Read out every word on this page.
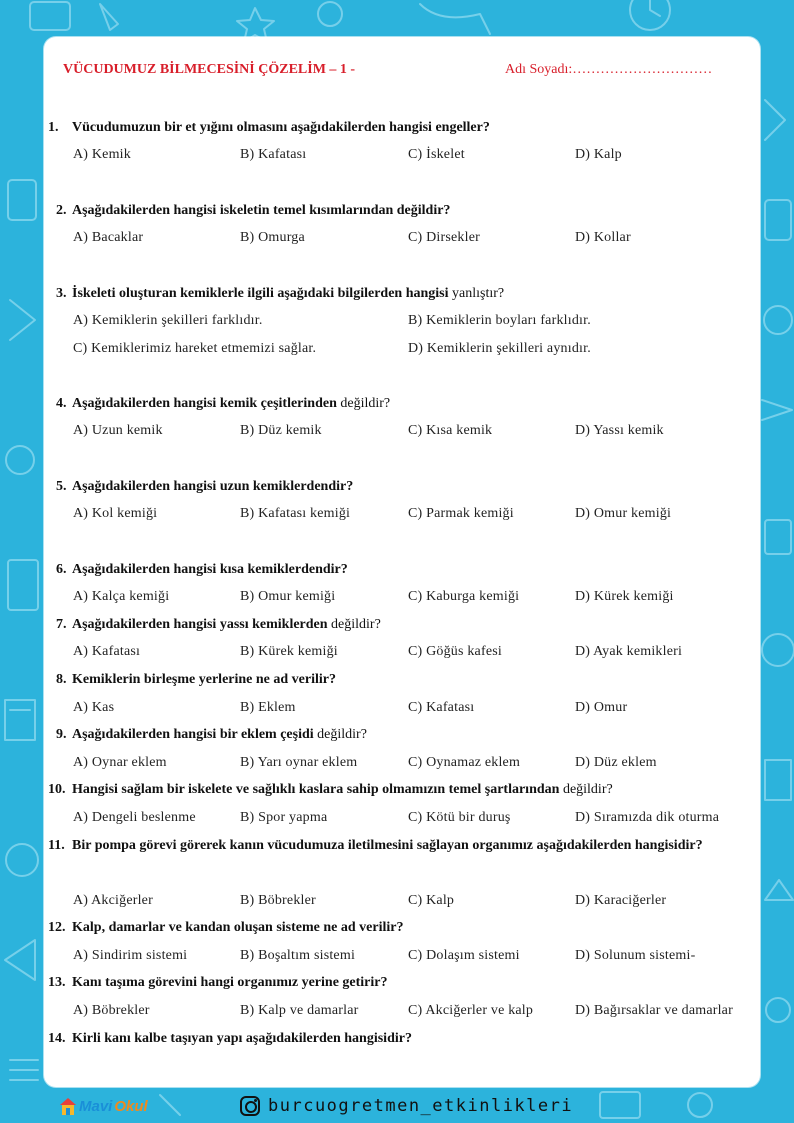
VÜCUDUMUZ BİLMECESİNİ ÇÖZELİM – 1 -	Adı Soyadı:…………………………
1. Vücudumuzun bir et yığını olmasını aşağıdakilerden hangisi engeller?
A) Kemik	B) Kafatası	C) İskelet	D) Kalp
2. Aşağıdakilerden hangisi iskeletin temel kısımlarından değildir?
A) Bacaklar	B) Omurga	C) Dirsekler	D) Kollar
3. İskeleti oluşturan kemiklerle ilgili aşağıdaki bilgilerden hangisi yanlıştır?
A) Kemiklerin şekilleri farklıdır.	B) Kemiklerin boyları farklıdır.
C) Kemiklerimiz hareket etmemizi sağlar.	D) Kemiklerin şekilleri aynıdır.
4. Aşağıdakilerden hangisi kemik çeşitlerinden değildir?
A) Uzun kemik	B) Düz kemik	C) Kısa kemik	D) Yassı kemik
5. Aşağıdakilerden hangisi uzun kemiklerdendir?
A) Kol kemiği	B) Kafatası kemiği	C) Parmak kemiği	D) Omur kemiği
6. Aşağıdakilerden hangisi kısa kemiklerdendir?
A) Kalça kemiği	B) Omur kemiği	C) Kaburga kemiği	D) Kürek kemiği
7. Aşağıdakilerden hangisi yassı kemiklerden değildir?
A) Kafatası	B) Kürek kemiği	C) Göğüs kafesi	D) Ayak kemikleri
8. Kemiklerin birleşme yerlerine ne ad verilir?
A) Kas	B) Eklem	C) Kafatası	D) Omur
9. Aşağıdakilerden hangisi bir eklem çeşidi değildir?
A) Oynar eklem	B) Yarı oynar eklem	C) Oynamaz eklem	D) Düz eklem
10. Hangisi sağlam bir iskelete ve sağlıklı kaslara sahip olmamızın temel şartlarından değildir?
A) Dengeli beslenme	B) Spor yapma	C) Kötü bir duruş	D) Sıramızda dik oturma
11. Bir pompa görevi görerek kanın vücudumuza iletilmesini sağlayan organımız aşağıdakilerden hangisidir?
A) Akciğerler	B) Böbrekler	C) Kalp	D) Karaciğerler
12. Kalp, damarlar ve kandan oluşan sisteme ne ad verilir?
A) Sindirim sistemi	B) Boşaltım sistemi	C) Dolaşım sistemi	D) Solunum sistemi-
13. Kanı taşıma görevini hangi organımız yerine getirir?
A) Böbrekler	B) Kalp ve damarlar	C) Akciğerler ve kalp	D) Bağırsaklar ve damarlar
14. Kirli kanı kalbe taşıyan yapı aşağıdakilerden hangisidir?
Mavi Okul	burcuogretmen_etkinlikleri
